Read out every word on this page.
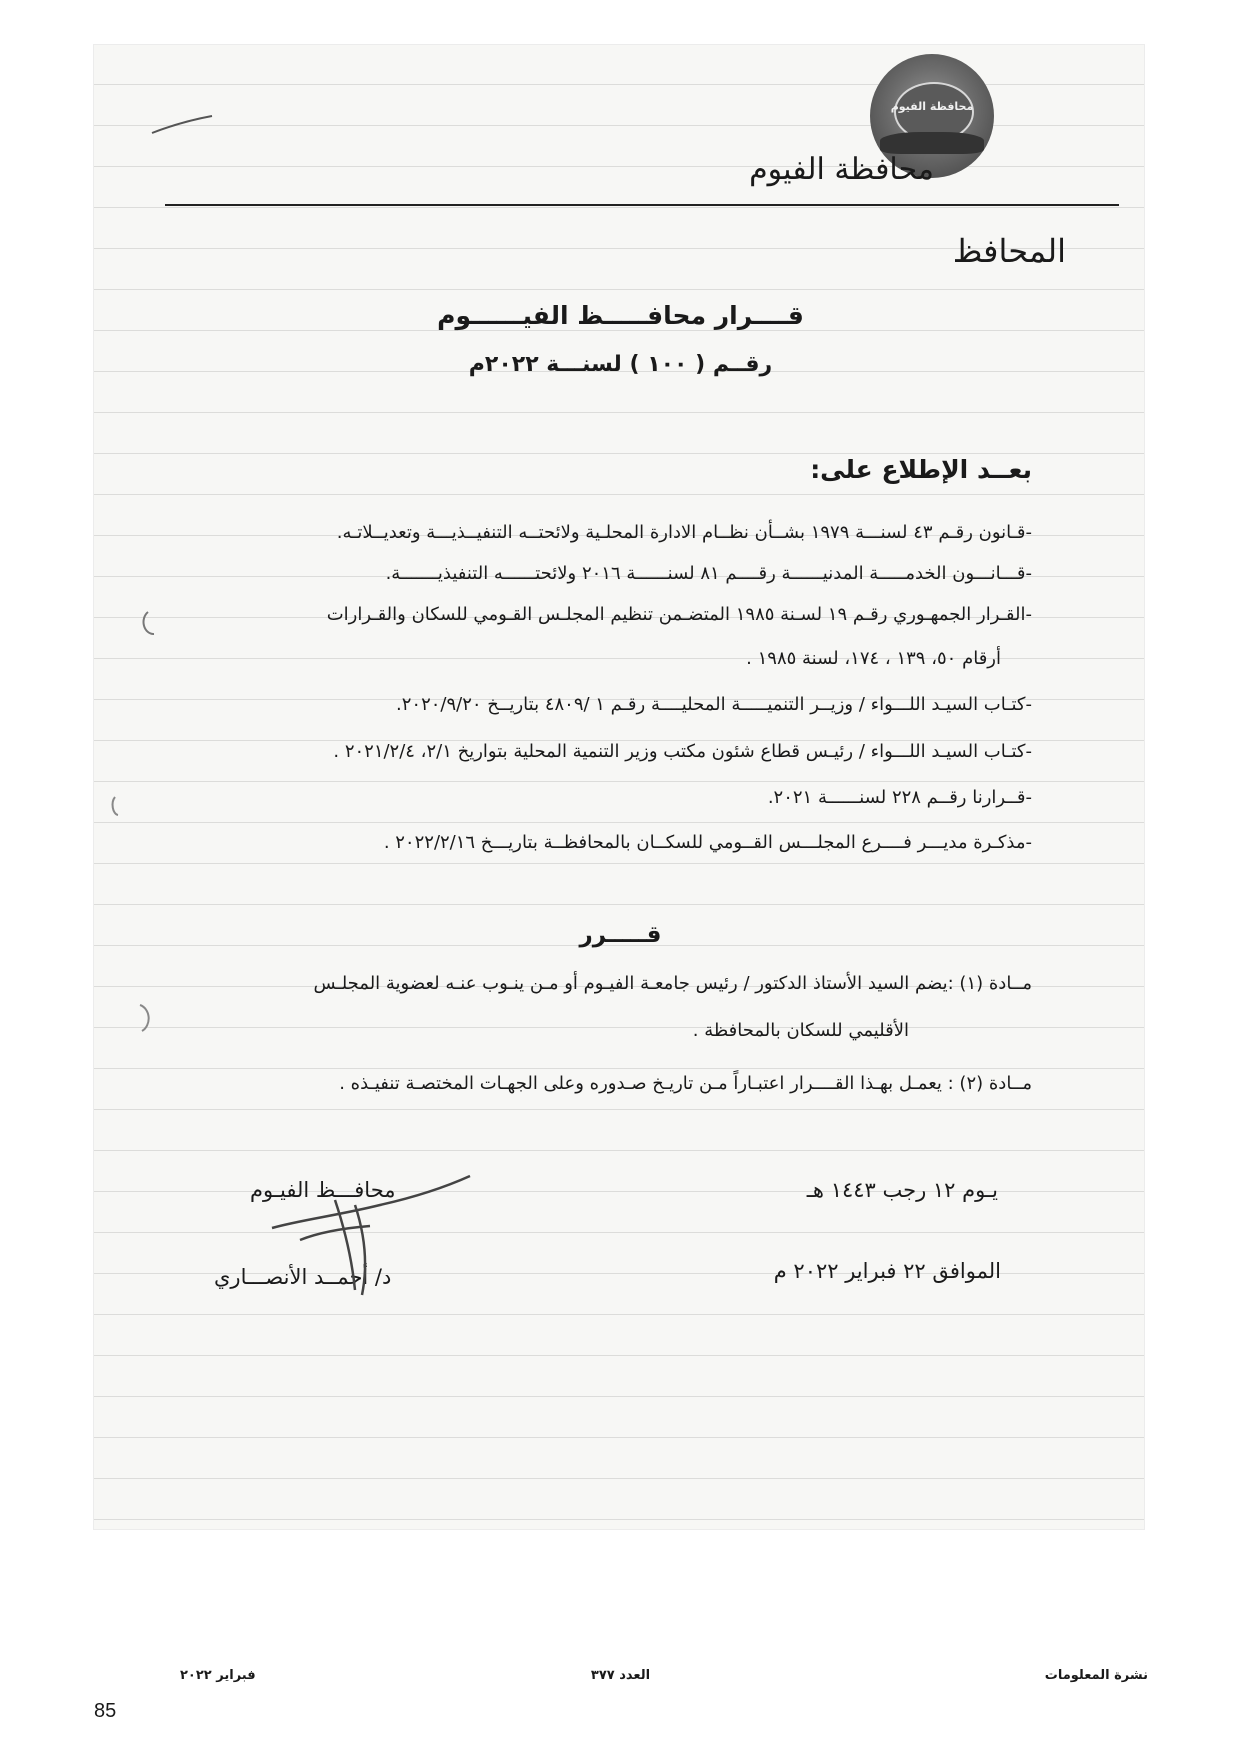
محافظة الفيوم
محافظة الفيوم
المحافظ
قــــرار محافـــــظ الفيــــــوم
رقــم ( ١٠٠ ) لسنـــة ٢٠٢٢م
بعــد الإطلاع على:
-قـانون رقـم ٤٣ لسنـــة ١٩٧٩ بشــأن نظــام الادارة المحلـية ولائحتــه التنفيــذيـــة وتعديــلاتـه.
-قـــانـــون الخدمـــــة المدنيــــــة رقــــم ٨١ لسنــــــة ٢٠١٦ ولائحتــــــه التنفيذيـــــــة.
-القـرار الجمهـوري رقـم ١٩ لسـنة ١٩٨٥ المتضـمن تنظيم المجلـس القـومي للسكان والقـرارات
أرقام ٥٠، ١٣٩ ، ١٧٤، لسنة ١٩٨٥ .
-كتـاب السيـد اللـــواء / وزيــر التنميـــــة المحليــــة رقـم ١ /٤٨٠٩ بتاريــخ ٢٠٢٠/٩/٢٠.
-كتـاب السيـد اللـــواء / رئيـس قطاع شئون مكتب وزير التنمية المحلية بتواريخ ٢/١، ٢٠٢١/٢/٤ .
-قــرارنا رقــم ٢٢٨ لسنــــــة ٢٠٢١.
-مذكـرة مديـــر فــــرع المجلـــس القــومي للسكــان بالمحافظــة بتاريـــخ ٢٠٢٢/٢/١٦ .
قـــــرر
مــادة (١) :يضم السيد الأستاذ الدكتور / رئيس جامعـة الفيـوم أو مـن ينـوب عنـه لعضوية المجلـس
الأقليمي للسكان بالمحافظة .
مــادة (٢) : يعمـل بهـذا القــــرار اعتبـاراً مـن تاريـخ صـدوره وعلى الجهـات المختصـة تنفيـذه .
يـوم ١٢ رجب ١٤٤٣ هـ
الموافق ٢٢ فبراير ٢٠٢٢ م
محافـــظ الفيـوم
د/ أحمــد الأنصـــاري
نشرة المعلومات
العدد ٣٧٧
فبراير ٢٠٢٢
85
